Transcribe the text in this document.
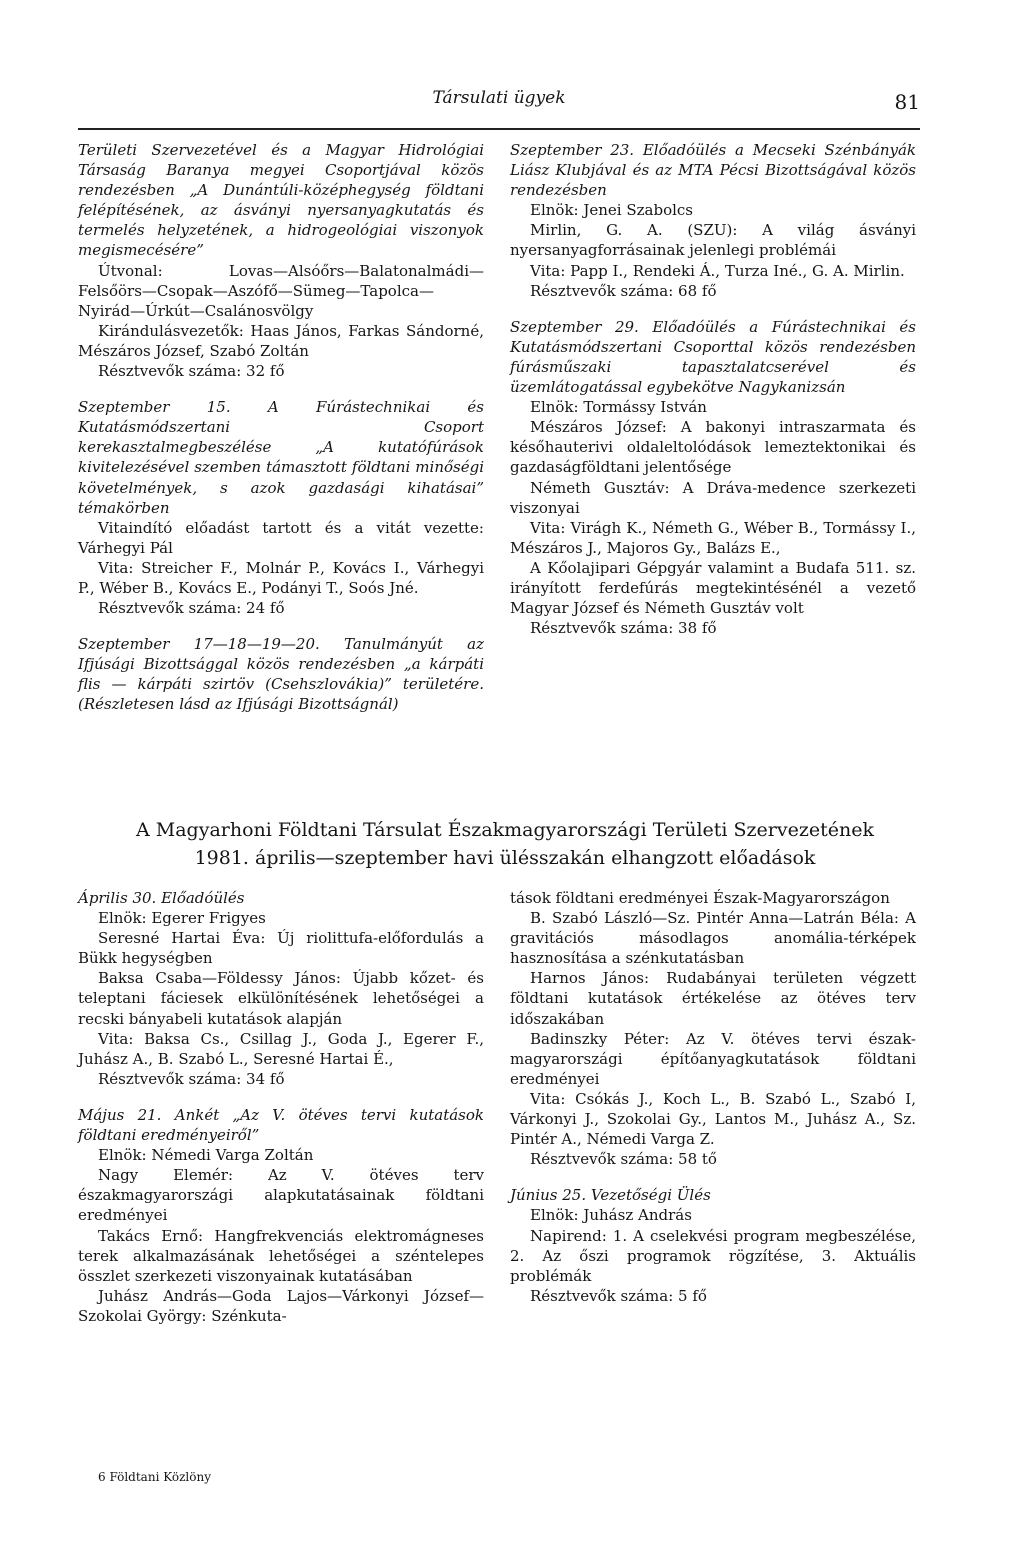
Társulati ügyek	81

Területi Szervezetével és a Magyar Hidrológiai Társaság Baranya megyei Csoportjával közös rendezésben „A Dunántúli-középhegység földtani felépítésének, az ásványi nyersanyagkutatás és termelés helyzetének, a hidrogeológiai viszonyok megismecésére”

Útvonal: Lovas—Alsóőrs—Balatonalmádi—Felsőörs—Csopak—Aszófő—Sümeg—Tapolca—Nyirád—Úrkút—Csalánosvölgy

Kirándulásvezetők: Haas János, Farkas Sándorné, Mészáros József, Szabó Zoltán

Résztvevők száma: 32 fő

Szeptember 15. A Fúrástechnikai és Kutatásmódszertani Csoport kerekasztalmegbeszélése „A kutatófúrások kivitelezésével szemben támasztott földtani minőségi követelmények, s azok gazdasági kihatásai” témakörben

Vitaindító előadást tartott és a vitát vezette: Várhegyi Pál

Vita: Streicher F., Molnár P., Kovács I., Várhegyi P., Wéber B., Kovács E., Podányi T., Soós Jné.

Résztvevők száma: 24 fő

Szeptember 17—18—19—20. Tanulmányút az Ifjúsági Bizottsággal közös rendezésben „a kárpáti flis — kárpáti szirtöv (Csehszlovákia)” területére. (Részletesen lásd az Ifjúsági Bizottságnál)

Szeptember 23. Előadóülés a Mecseki Szénbányák Liász Klubjával és az MTA Pécsi Bizottságával közös rendezésben

Elnök: Jenei Szabolcs

Mirlin, G. A. (SZU): A világ ásványi nyersanyagforrásainak jelenlegi problémái

Vita: Papp I., Rendeki Á., Turza Iné., G. A. Mirlin.

Résztvevők száma: 68 fő

Szeptember 29. Előadóülés a Fúrástechnikai és Kutatásmódszertani Csoporttal közös rendezésben fúrásműszaki tapasztalatcserével és üzemlátogatással egybekötve Nagykanizsán

Elnök: Tormássy István

Mészáros József: A bakonyi intraszarmata és későhauterivi oldaleltolódások lemeztektonikai és gazdaságföldtani jelentősége

Németh Gusztáv: A Dráva-medence szerkezeti viszonyai

Vita: Virágh K., Németh G., Wéber B., Tormássy I., Mészáros J., Majoros Gy., Balázs E.,

A Kőolajipari Gépgyár valamint a Budafa 511. sz. irányított ferdefúrás megtekintésénél a vezető Magyar József és Németh Gusztáv volt

Résztvevők száma: 38 fő

A Magyarhoni Földtani Társulat Északmagyarországi Területi Szervezetének
1981. április—szeptember havi ülésszakán elhangzott előadások

Április 30. Előadóülés

Elnök: Egerer Frigyes

Seresné Hartai Éva: Új riolittufa-előfordulás a Bükk hegységben

Baksa Csaba—Földessy János: Újabb kőzet- és teleptani fáciesek elkülönítésének lehetőségei a recski bányabeli kutatások alapján

Vita: Baksa Cs., Csillag J., Goda J., Egerer F., Juhász A., B. Szabó L., Seresné Hartai É.,

Résztvevők száma: 34 fő

Május 21. Ankét „Az V. ötéves tervi kutatások földtani eredményeiről”

Elnök: Némedi Varga Zoltán

Nagy Elemér: Az V. ötéves terv északmagyarországi alapkutatásainak földtani eredményei

Takács Ernő: Hangfrekvenciás elektromágneses terek alkalmazásának lehetőségei a széntelepes összlet szerkezeti viszonyainak kutatásában

Juhász András—Goda Lajos—Várkonyi József—Szokolai György: Szénkuta-

tások földtani eredményei Észak-Magyarországon

B. Szabó László—Sz. Pintér Anna—Latrán Béla: A gravitációs másodlagos anomália-térképek hasznosítása a szénkutatásban

Harnos János: Rudabányai területen végzett földtani kutatások értékelése az ötéves terv időszakában

Badinszky Péter: Az V. ötéves tervi észak-magyarországi építőanyagkutatások földtani eredményei

Vita: Csókás J., Koch L., B. Szabó L., Szabó I, Várkonyi J., Szokolai Gy., Lantos M., Juhász A., Sz. Pintér A., Némedi Varga Z.

Résztvevők száma: 58 tő

Június 25. Vezetőségi Ülés

Elnök: Juhász András

Napirend: 1. A cselekvési program megbeszélése, 2. Az őszi programok rögzítése, 3. Aktuális problémák

Résztvevők száma: 5 fő

6 Földtani Közlöny
